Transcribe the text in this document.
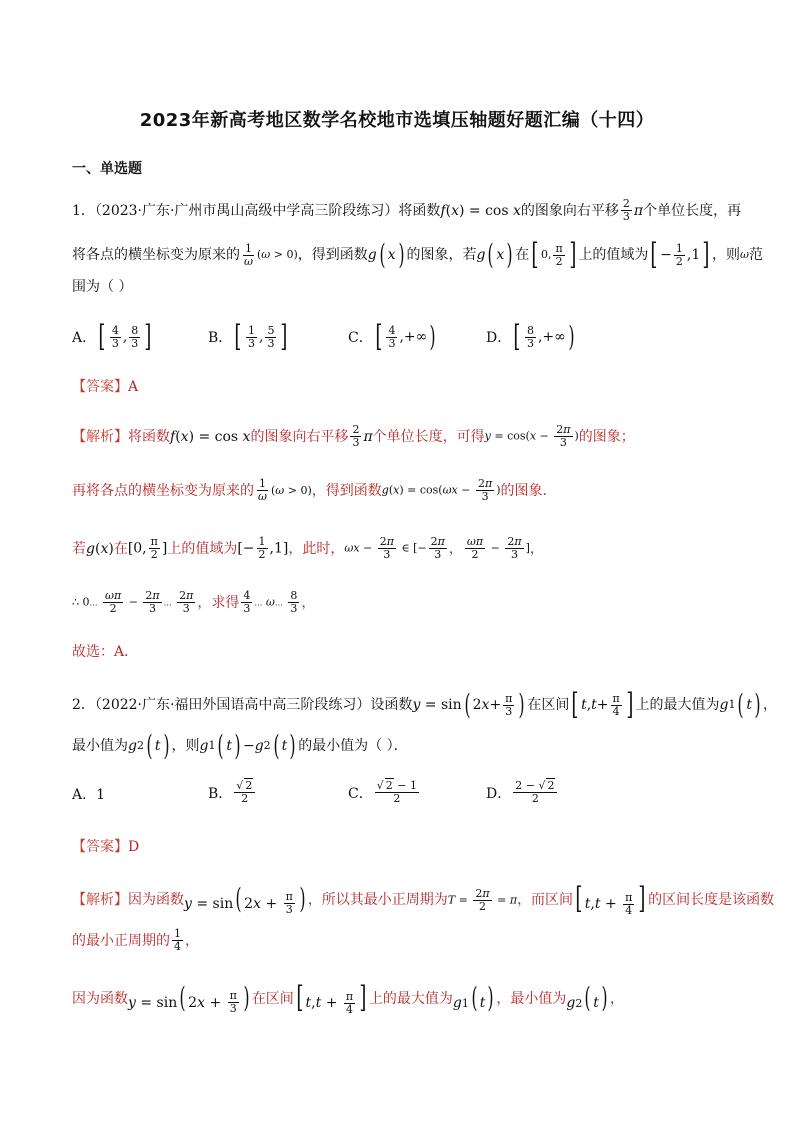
2023年新高考地区数学名校地市选填压轴题好题汇编（十四）
一、单选题
1．（2023·广东·广州市禺山高级中学高三阶段练习）将函数 f ( x ) = cos x 的图象向右平移 $\frac{2}{3}$ π 个单位长度，再
将各点的横坐标变为原来的 $\frac{1}{\omega} (\omega > 0)$ ，得到函数 g ( x ) 的图象，若 g ( x ) 在 [ 0, $\frac{\pi}{2}$ ] 上的值域为 [ − $\frac{1}{2} ,1$ ] ，则 ω 范
围为（ ）
A． [ $\frac{4}{3}$ , $\frac{8}{3}$ ]	B． [ $\frac{1}{3}$ , $\frac{5}{3}$ ]	C． [ $\frac{4}{3}$ ,+∞ )	D． [ $\frac{8}{3}$ ,+∞ )
【答案】 A
【解析】 将函数 f (x) = cos x 的图象向右平移 $\frac{2}{3}$ π 个单位长度，可得 $y = \cos(x - \frac{2\pi}{3}$ ) 的图象；
再将各点的横坐标变为原来的 $\frac{1}{\omega} (\omega > 0)$ ，得到函数 $g(x) = \cos(\omega x - \frac{2\pi}{3}$ ) 的图象．
若 g(x) 在 [0, $\frac{\pi}{2}$ ] 上的值域为 [− $\frac{1}{2} ,1$] ，此时， $\omega x - \frac{2\pi}{3}$ ∈ [− $\frac{2\pi}{3}$ ， $\frac{\omega\pi}{2} - \frac{2\pi}{3}$ ] ，
∴ 0… $\frac{\omega\pi}{2} - \frac{2\pi}{3}$ … $\frac{2\pi}{3}$ ，求得 $\frac{4}{3}$ … ω… $\frac{8}{3}$ ，
故选：A．
2．（2022·广东·福田外国语高中高三阶段练习）设函数 y = sin ( 2 $x + \frac{\pi}{3}$ ) 在区间 [ t , $t + \frac{\pi}{4}$ ] 上的最大值为 g 1 ( t ) ，
最小值为 g 2 ( t ) ，则 g 1 ( t ) − g 2 ( t ) 的最小值为（ ）．
A．1	B． $\frac{√ 2}{2}$	C． $\frac{√ 2 - 1}{2}$	D． $\frac{2 - √ 2}{2}$
【答案】 D
【解析】 因为函数 y = sin( $2x + \frac{\pi}{3}$ ) ，所以其最小正周期为 $T = \frac{2\pi}{2} = \pi$ ，而区间 [ $t,t + \frac{\pi}{4}$ ] 的区间长度是该函数
的最小正周期的 $\frac{1}{4}$ ，
因为函数 y = sin( $2x + \frac{\pi}{3}$ ) 在区间 [ $t,t + \frac{\pi}{4}$ ] 上的最大值为 g1( t) ，最小值为 g2( t) ，
